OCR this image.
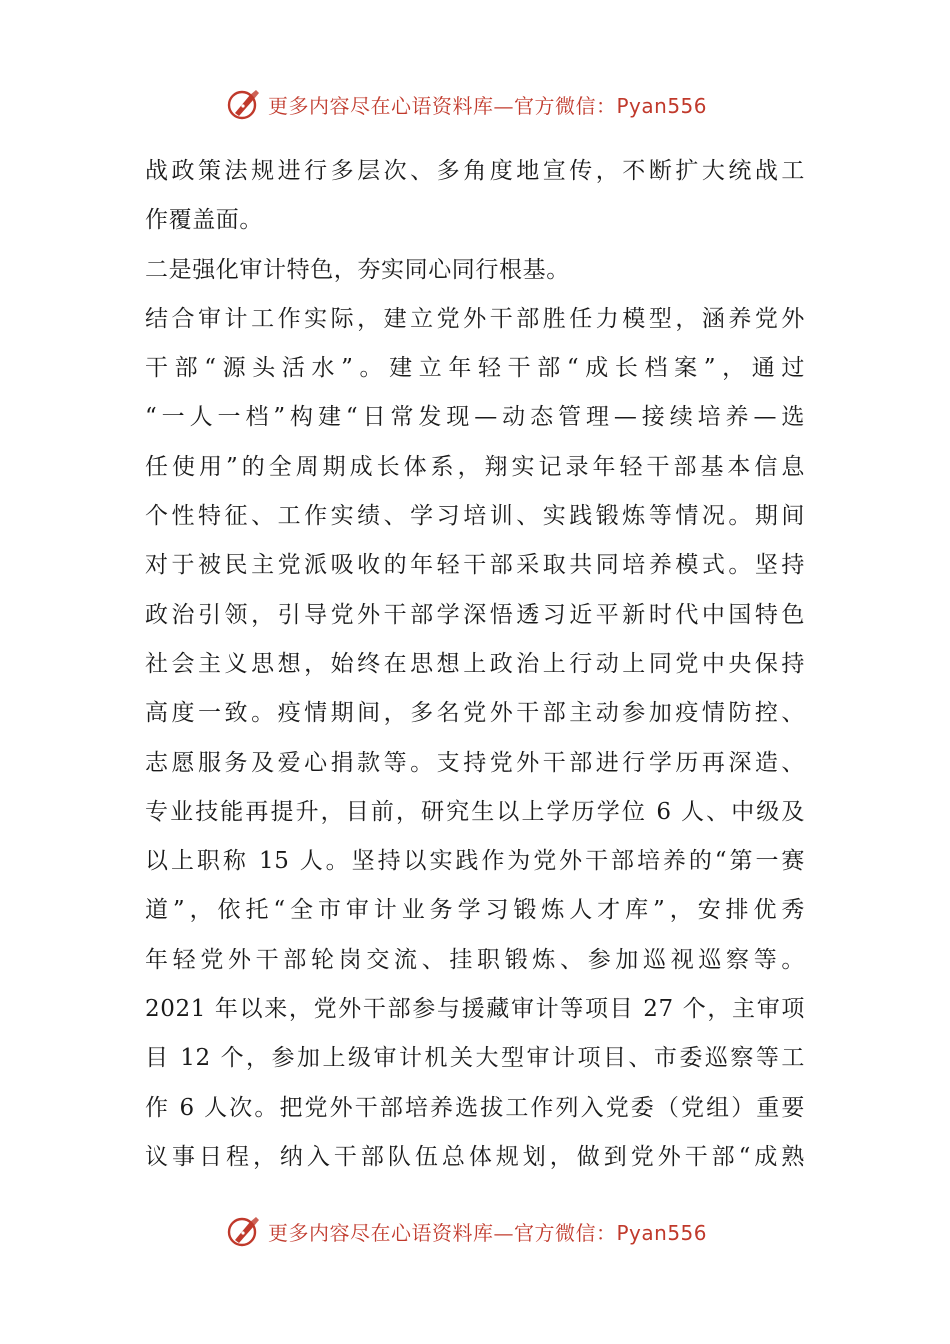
更多内容尽在心语资料库—官方微信：Pyan556
战政策法规进行多层次、多角度地宣传，不断扩大统战工
作覆盖面。
二是强化审计特色，夯实同心同行根基。
结合审计工作实际，建立党外干部胜任力模型，涵养党外
干部“源头活水”。建立年轻干部“成长档案”，通过
“一人一档”构建“日常发现—动态管理—接续培养—选
任使用”的全周期成长体系，翔实记录年轻干部基本信息
个性特征、工作实绩、学习培训、实践锻炼等情况。期间
对于被民主党派吸收的年轻干部采取共同培养模式。坚持
政治引领，引导党外干部学深悟透习近平新时代中国特色
社会主义思想，始终在思想上政治上行动上同党中央保持
高度一致。疫情期间，多名党外干部主动参加疫情防控、
志愿服务及爱心捐款等。支持党外干部进行学历再深造、
专业技能再提升，目前，研究生以上学历学位 6 人、中级及
以上职称 15 人。坚持以实践作为党外干部培养的“第一赛
道”，依托“全市审计业务学习锻炼人才库”，安排优秀
年轻党外干部轮岗交流、挂职锻炼、参加巡视巡察等。
2021 年以来，党外干部参与援藏审计等项目 27 个，主审项
目 12 个，参加上级审计机关大型审计项目、市委巡察等工
作 6 人次。把党外干部培养选拔工作列入党委（党组）重要
议事日程，纳入干部队伍总体规划，做到党外干部“成熟
更多内容尽在心语资料库—官方微信：Pyan556
